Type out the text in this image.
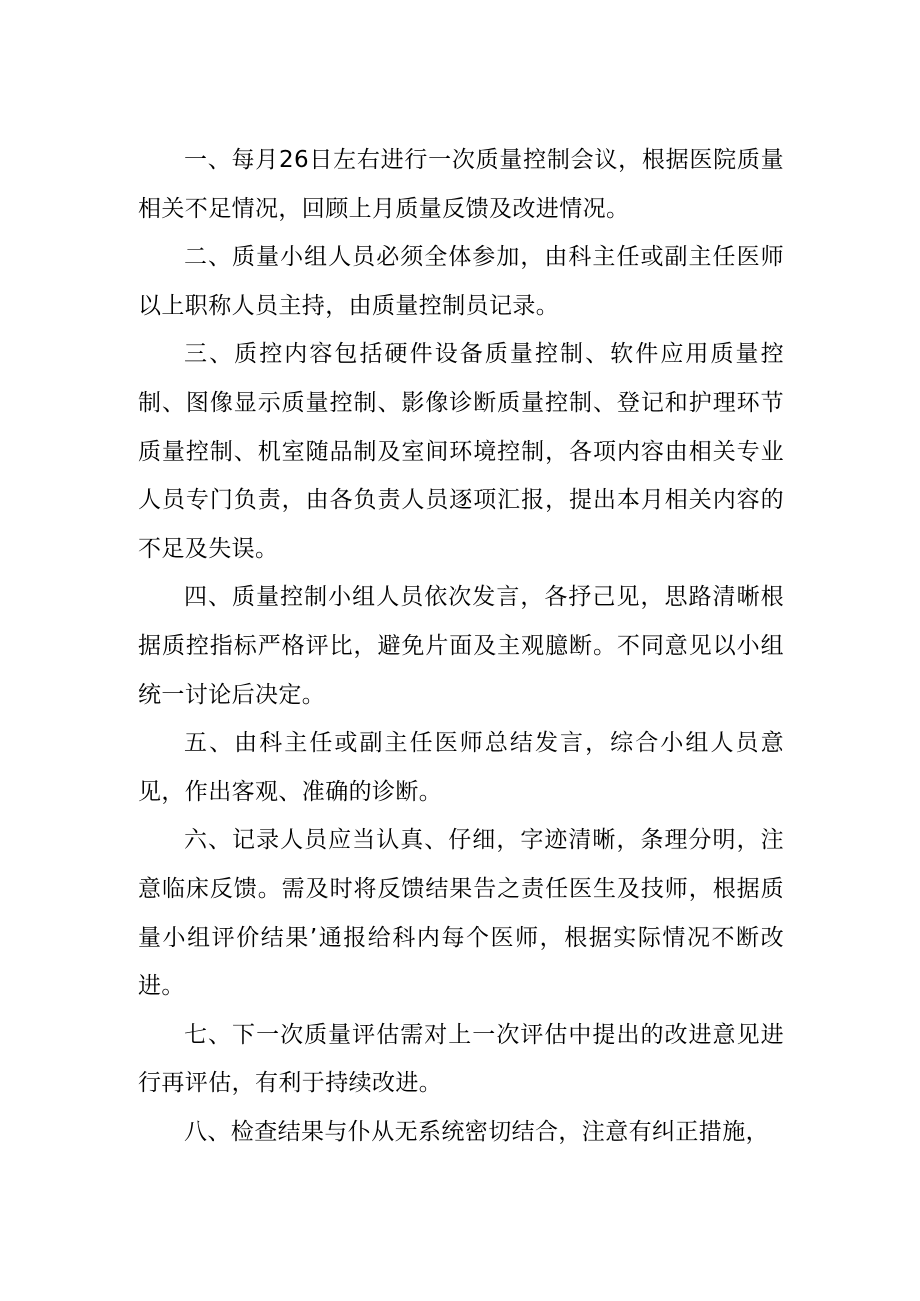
一、每月26日左右进行一次质量控制会议，根据医院质量相关不足情况，回顾上月质量反馈及改进情况。

二、质量小组人员必须全体参加，由科主任或副主任医师以上职称人员主持，由质量控制员记录。

三、质控内容包括硬件设备质量控制、软件应用质量控制、图像显示质量控制、影像诊断质量控制、登记和护理环节质量控制、机室随品制及室间环境控制，各项内容由相关专业人员专门负责，由各负责人员逐项汇报，提出本月相关内容的不足及失误。

四、质量控制小组人员依次发言，各抒己见，思路清晰根据质控指标严格评比，避免片面及主观臆断。不同意见以小组统一讨论后决定。

五、由科主任或副主任医师总结发言，综合小组人员意见，作出客观、准确的诊断。

六、记录人员应当认真、仔细，字迹清晰，条理分明，注意临床反馈。需及时将反馈结果告之责任医生及技师，根据质量小组评价结果’通报给科内每个医师，根据实际情况不断改进。

七、下一次质量评估需对上一次评估中提出的改进意见进行再评估，有利于持续改进。

八、检查结果与仆从无系统密切结合，注意有纠正措施，
